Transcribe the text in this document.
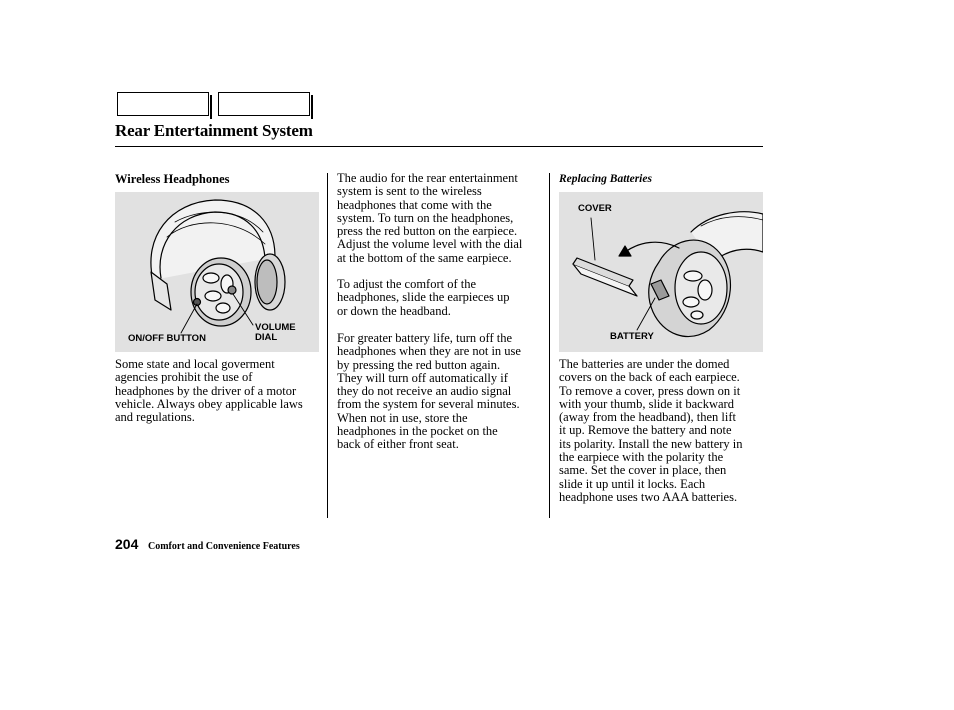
Rear Entertainment System
Wireless Headphones
ON/OFF BUTTON
VOLUME
DIAL
Some state and local goverment
agencies prohibit the use of
headphones by the driver of a motor
vehicle. Always obey applicable laws
and regulations.
The audio for the rear entertainment
system is sent to the wireless
headphones that come with the
system. To turn on the headphones,
press the red button on the earpiece.
Adjust the volume level with the dial
at the bottom of the same earpiece.
To adjust the comfort of the
headphones, slide the earpieces up
or down the headband.
For greater battery life, turn off the
headphones when they are not in use
by pressing the red button again.
They will turn off automatically if
they do not receive an audio signal
from the system for several minutes.
When not in use, store the
headphones in the pocket on the
back of either front seat.
Replacing Batteries
COVER
BATTERY
The batteries are under the domed
covers on the back of each earpiece.
To remove a cover, press down on it
with your thumb, slide it backward
(away from the headband), then lift
it up. Remove the battery and note
its polarity. Install the new battery in
the earpiece with the polarity the
same. Set the cover in place, then
slide it up until it locks. Each
headphone uses two AAA batteries.
204 Comfort and Convenience Features
